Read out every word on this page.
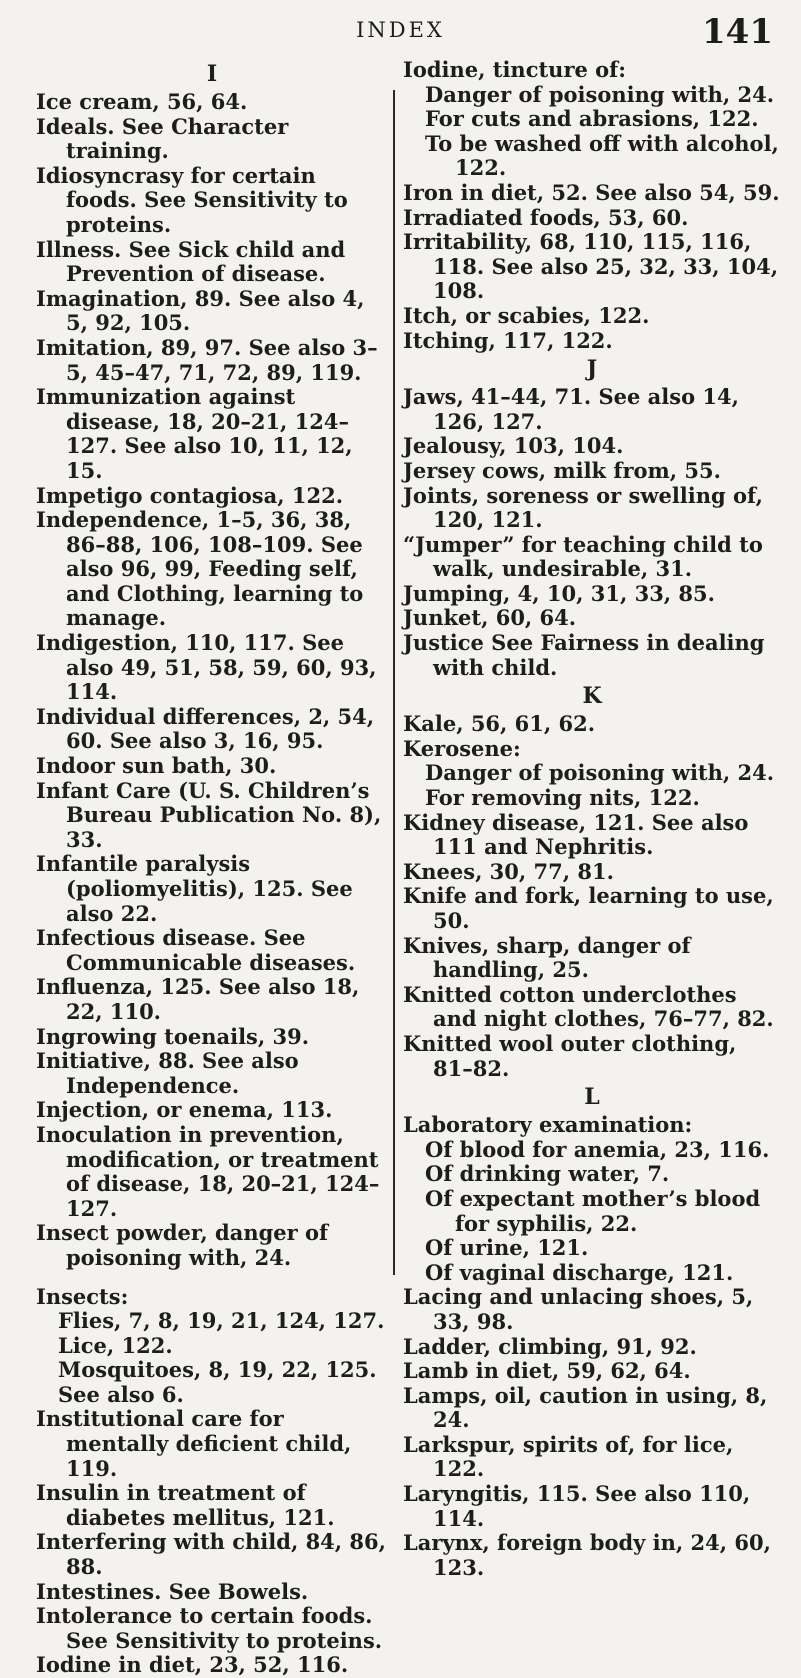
INDEX	141
I
Ice cream, 56, 64.
Ideals. See Character training.
Idiosyncrasy for certain foods. See Sensitivity to proteins.
Illness. See Sick child and Prevention of disease.
Imagination, 89. See also 4, 5, 92, 105.
Imitation, 89, 97. See also 3–5, 45–47, 71, 72, 89, 119.
Immunization against disease, 18, 20–21, 124–127. See also 10, 11, 12, 15.
Impetigo contagiosa, 122.
Independence, 1–5, 36, 38, 86–88, 106, 108–109. See also 96, 99, Feeding self, and Clothing, learning to manage.
Indigestion, 110, 117. See also 49, 51, 58, 59, 60, 93, 114.
Individual differences, 2, 54, 60. See also 3, 16, 95.
Indoor sun bath, 30.
Infant Care (U. S. Children’s Bureau Publication No. 8), 33.
Infantile paralysis (poliomyelitis), 125. See also 22.
Infectious disease. See Communicable diseases.
Influenza, 125. See also 18, 22, 110.
Ingrowing toenails, 39.
Initiative, 88. See also Independence.
Injection, or enema, 113.
Inoculation in prevention, modification, or treatment of disease, 18, 20–21, 124–127.
Insect powder, danger of poisoning with, 24.
Insects:
Flies, 7, 8, 19, 21, 124, 127.
Lice, 122.
Mosquitoes, 8, 19, 22, 125.
See also 6.
Institutional care for mentally deficient child, 119.
Insulin in treatment of diabetes mellitus, 121.
Interfering with child, 84, 86, 88.
Intestines. See Bowels.
Intolerance to certain foods. See Sensitivity to proteins.
Iodine in diet, 23, 52, 116.
Iodine, tincture of:
Danger of poisoning with, 24.
For cuts and abrasions, 122.
To be washed off with alcohol, 122.
Iron in diet, 52. See also 54, 59.
Irradiated foods, 53, 60.
Irritability, 68, 110, 115, 116, 118. See also 25, 32, 33, 104, 108.
Itch, or scabies, 122.
Itching, 117, 122.
J
Jaws, 41–44, 71. See also 14, 126, 127.
Jealousy, 103, 104.
Jersey cows, milk from, 55.
Joints, soreness or swelling of, 120, 121.
“Jumper” for teaching child to walk, undesirable, 31.
Jumping, 4, 10, 31, 33, 85.
Junket, 60, 64.
Justice See Fairness in dealing with child.
K
Kale, 56, 61, 62.
Kerosene:
Danger of poisoning with, 24.
For removing nits, 122.
Kidney disease, 121. See also 111 and Nephritis.
Knees, 30, 77, 81.
Knife and fork, learning to use, 50.
Knives, sharp, danger of handling, 25.
Knitted cotton underclothes and night clothes, 76–77, 82.
Knitted wool outer clothing, 81–82.
L
Laboratory examination:
Of blood for anemia, 23, 116.
Of drinking water, 7.
Of expectant mother’s blood for syphilis, 22.
Of urine, 121.
Of vaginal discharge, 121.
Lacing and unlacing shoes, 5, 33, 98.
Ladder, climbing, 91, 92.
Lamb in diet, 59, 62, 64.
Lamps, oil, caution in using, 8, 24.
Larkspur, spirits of, for lice, 122.
Laryngitis, 115. See also 110, 114.
Larynx, foreign body in, 24, 60, 123.
